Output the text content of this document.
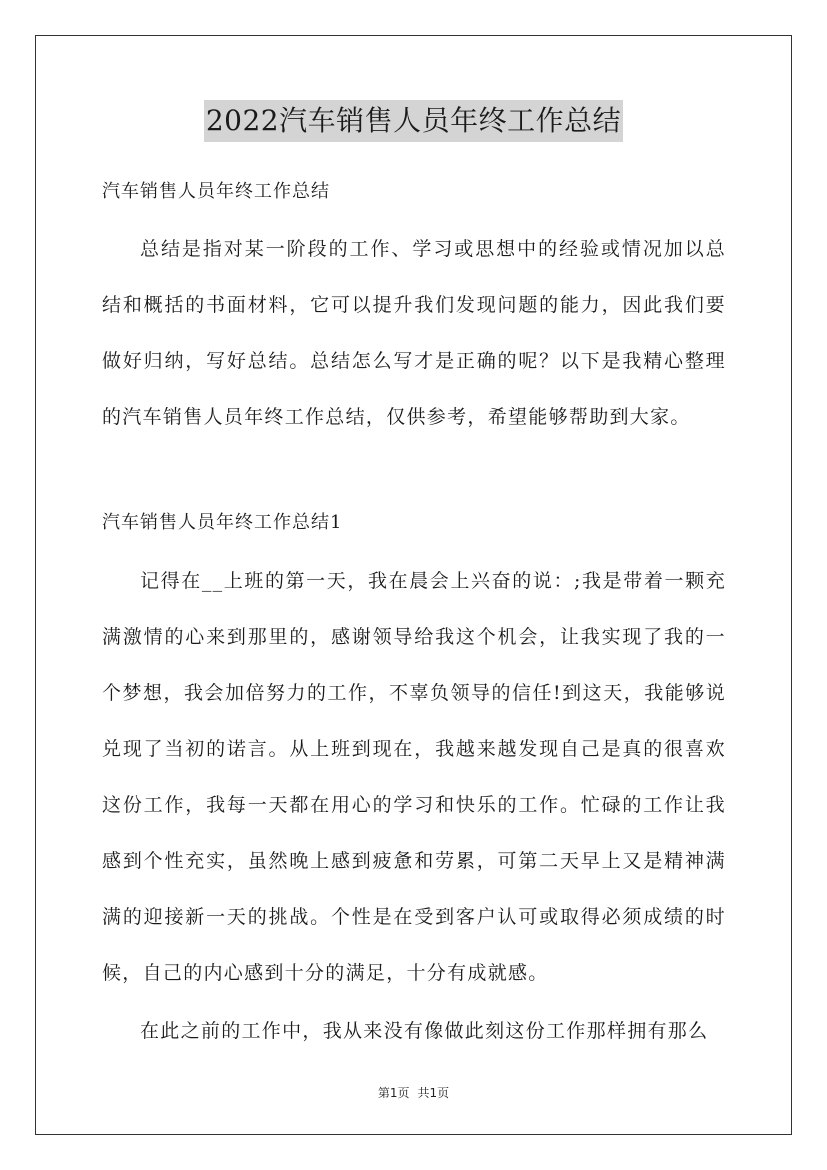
2022汽车销售人员年终工作总结
汽车销售人员年终工作总结

总结是指对某一阶段的工作、学习或思想中的经验或情况加以总结和概括的书面材料，它可以提升我们发现问题的能力，因此我们要做好归纳，写好总结。总结怎么写才是正确的呢？以下是我精心整理的汽车销售人员年终工作总结，仅供参考，希望能够帮助到大家。

汽车销售人员年终工作总结1

记得在__上班的第一天，我在晨会上兴奋的说：;我是带着一颗充满激情的心来到那里的，感谢领导给我这个机会，让我实现了我的一个梦想，我会加倍努力的工作，不辜负领导的信任!到这天，我能够说兑现了当初的诺言。从上班到现在，我越来越发现自己是真的很喜欢这份工作，我每一天都在用心的学习和快乐的工作。忙碌的工作让我感到个性充实，虽然晚上感到疲惫和劳累，可第二天早上又是精神满满的迎接新一天的挑战。个性是在受到客户认可或取得必须成绩的时候，自己的内心感到十分的满足，十分有成就感。

在此之前的工作中，我从来没有像做此刻这份工作那样拥有那么

第1页 共1页
